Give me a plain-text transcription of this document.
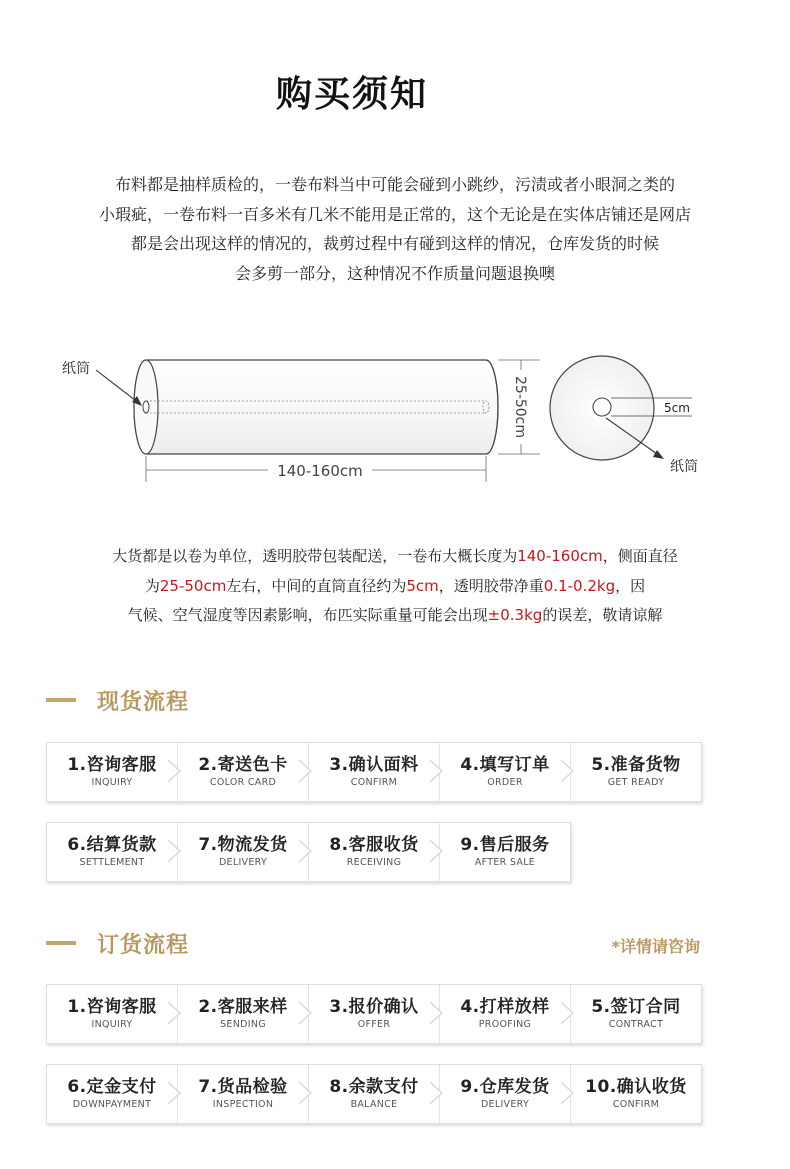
购买须知
布料都是抽样质检的，一卷布料当中可能会碰到小跳纱，污渍或者小眼洞之类的
小瑕疵，一卷布料一百多米有几米不能用是正常的，这个无论是在实体店铺还是网店
都是会出现这样的情况的，裁剪过程中有碰到这样的情况，仓库发货的时候
会多剪一部分，这种情况不作质量问题退换噢
纸筒
140-160cm
25-50cm	5cm
纸筒
大货都是以卷为单位，透明胶带包装配送，一卷布大概长度为140-160cm，侧面直径
为25-50cm左右，中间的直筒直径约为5cm，透明胶带净重0.1-0.2kg，因
气候、空气湿度等因素影响，布匹实际重量可能会出现±0.3kg的误差，敬请谅解
现货流程
1.咨询客服
INQUIRY
2.寄送色卡
COLOR CARD
3.确认面料
CONFIRM
4.填写订单
ORDER
5.准备货物
GET READY
6.结算货款
SETTLEMENT
7.物流发货
DELIVERY
8.客服收货
RECEIVING
9.售后服务
AFTER SALE
订货流程	*详情请咨询
1.咨询客服
INQUIRY
2.客服来样
SENDING
3.报价确认
OFFER
4.打样放样
PROOFING
5.签订合同
CONTRACT
6.定金支付
DOWNPAYMENT
7.货品检验
INSPECTION
8.余款支付
BALANCE
9.仓库发货
DELIVERY
10.确认收货
CONFIRM
